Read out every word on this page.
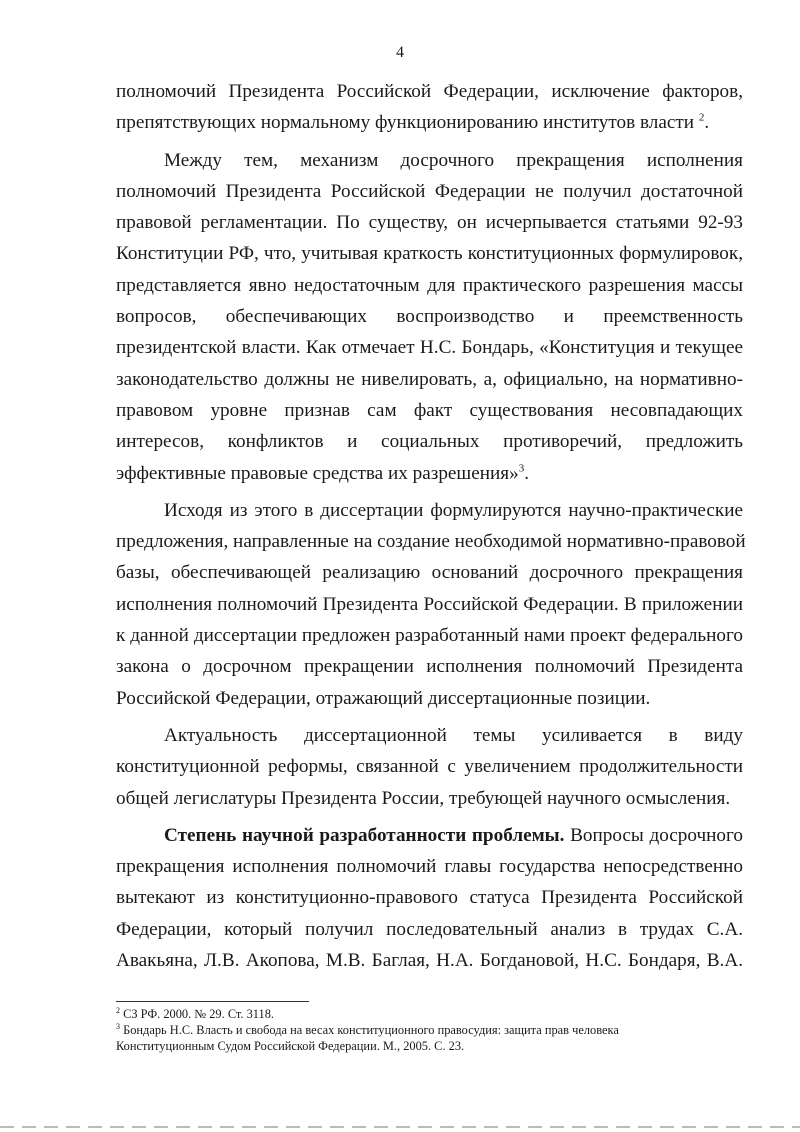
4
полномочий Президента Российской Федерации, исключение факторов,
препятствующих нормальному функционированию институтов власти $^2$.
Между тем, механизм досрочного прекращения исполнения
полномочий Президента Российской Федерации не получил достаточной
правовой регламентации. По существу, он исчерпывается статьями 92-93
Конституции РФ, что, учитывая краткость конституционных формулировок,
представляется явно недостаточным для практического разрешения массы
вопросов, обеспечивающих воспроизводство и преемственность
президентской власти. Как отмечает Н.С. Бондарь, «Конституция и текущее
законодательство должны не нивелировать, а, официально, на нормативно-
правовом уровне признав сам факт существования несовпадающих
интересов, конфликтов и социальных противоречий, предложить
эффективные правовые средства их разрешения»$^3$.
Исходя из этого в диссертации формулируются научно-практические
предложения, направленные на создание необходимой нормативно-правовой
базы, обеспечивающей реализацию оснований досрочного прекращения
исполнения полномочий Президента Российской Федерации. В приложении
к данной диссертации предложен разработанный нами проект федерального
закона о досрочном прекращении исполнения полномочий Президента
Российской Федерации, отражающий диссертационные позиции.
Актуальность диссертационной темы усиливается в виду
конституционной реформы, связанной с увеличением продолжительности
общей легислатуры Президента России, требующей научного осмысления.
Степень научной разработанности проблемы. Вопросы досрочного
прекращения исполнения полномочий главы государства непосредственно
вытекают из конституционно-правового статуса Президента Российской
Федерации, который получил последовательный анализ в трудах С.А.
Авакьяна, Л.В. Акопова, М.В. Баглая, Н.А. Богдановой, Н.С. Бондаря, В.А.
$^2$ СЗ РФ. 2000. № 29. Ст. 3118.
$^3$ Бондарь Н.С. Власть и свобода на весах конституционного правосудия: защита прав человека
Конституционным Судом Российской Федерации. М., 2005. С. 23.
